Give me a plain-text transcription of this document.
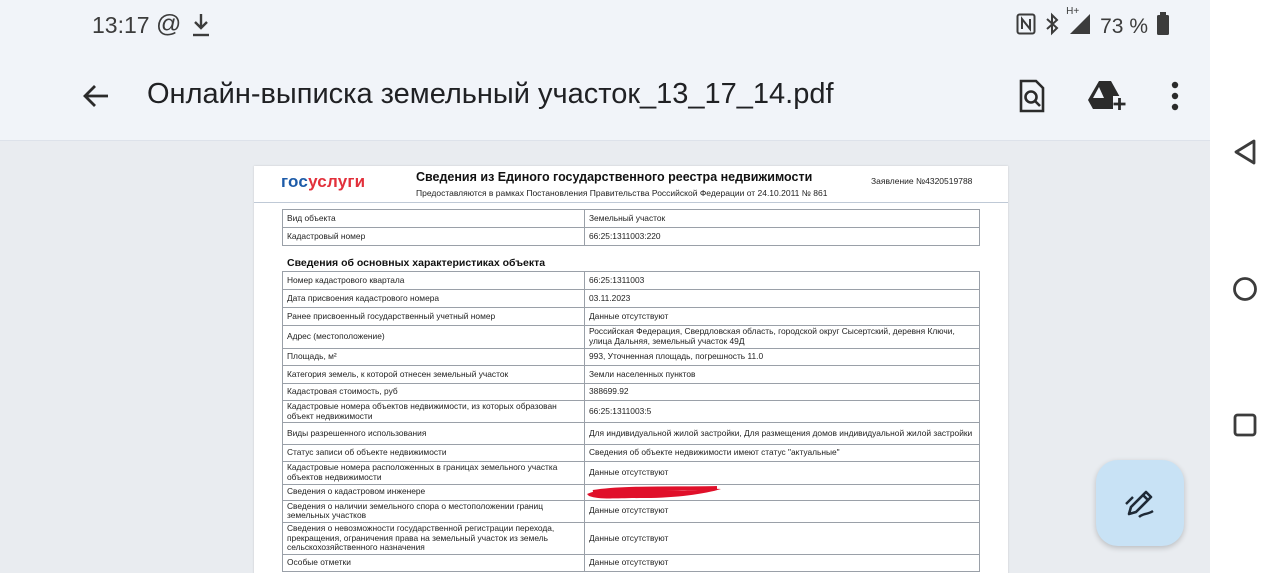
13:17 @	H+
73 %
Онлайн-выписка земельный участок_13_17_14.pdf
госуслуги	Сведения из Единого государственного реестра недвижимости
Предоставляются в рамках Постановления Правительства Российской Федерации от 24.10.2011 № 861
Заявление №4320519788
Вид объекта	Земельный участок
Кадастровый номер	66:25:1311003:220
Сведения об основных характеристиках объекта
Номер кадастрового квартала	66:25:1311003
Дата присвоения кадастрового номера	03.11.2023
Ранее присвоенный государственный учетный номер	Данные отсутствуют
Адрес (местоположение)	Российская Федерация, Свердловская область, городской округ Сысертский, деревня Ключи, улица Дальняя, земельный участок 49Д
Площадь, м²	993, Уточненная площадь, погрешность 11.0
Категория земель, к которой отнесен земельный участок	Земли населенных пунктов
Кадастровая стоимость, руб	388699.92
Кадастровые номера объектов недвижимости, из которых образован объект недвижимости	66:25:1311003:5
Виды разрешенного использования	Для индивидуальной жилой застройки, Для размещения домов индивидуальной жилой застройки
Статус записи об объекте недвижимости	Сведения об объекте недвижимости имеют статус "актуальные"
Кадастровые номера расположенных в границах земельного участка объектов недвижимости	Данные отсутствуют
Сведения о кадастровом инженере	
Сведения о наличии земельного спора о местоположении границ земельных участков	Данные отсутствуют
Сведения о невозможности государственной регистрации перехода, прекращения, ограничения права на земельный участок из земель сельскохозяйственного назначения	Данные отсутствуют
Особые отметки	Данные отсутствуют
